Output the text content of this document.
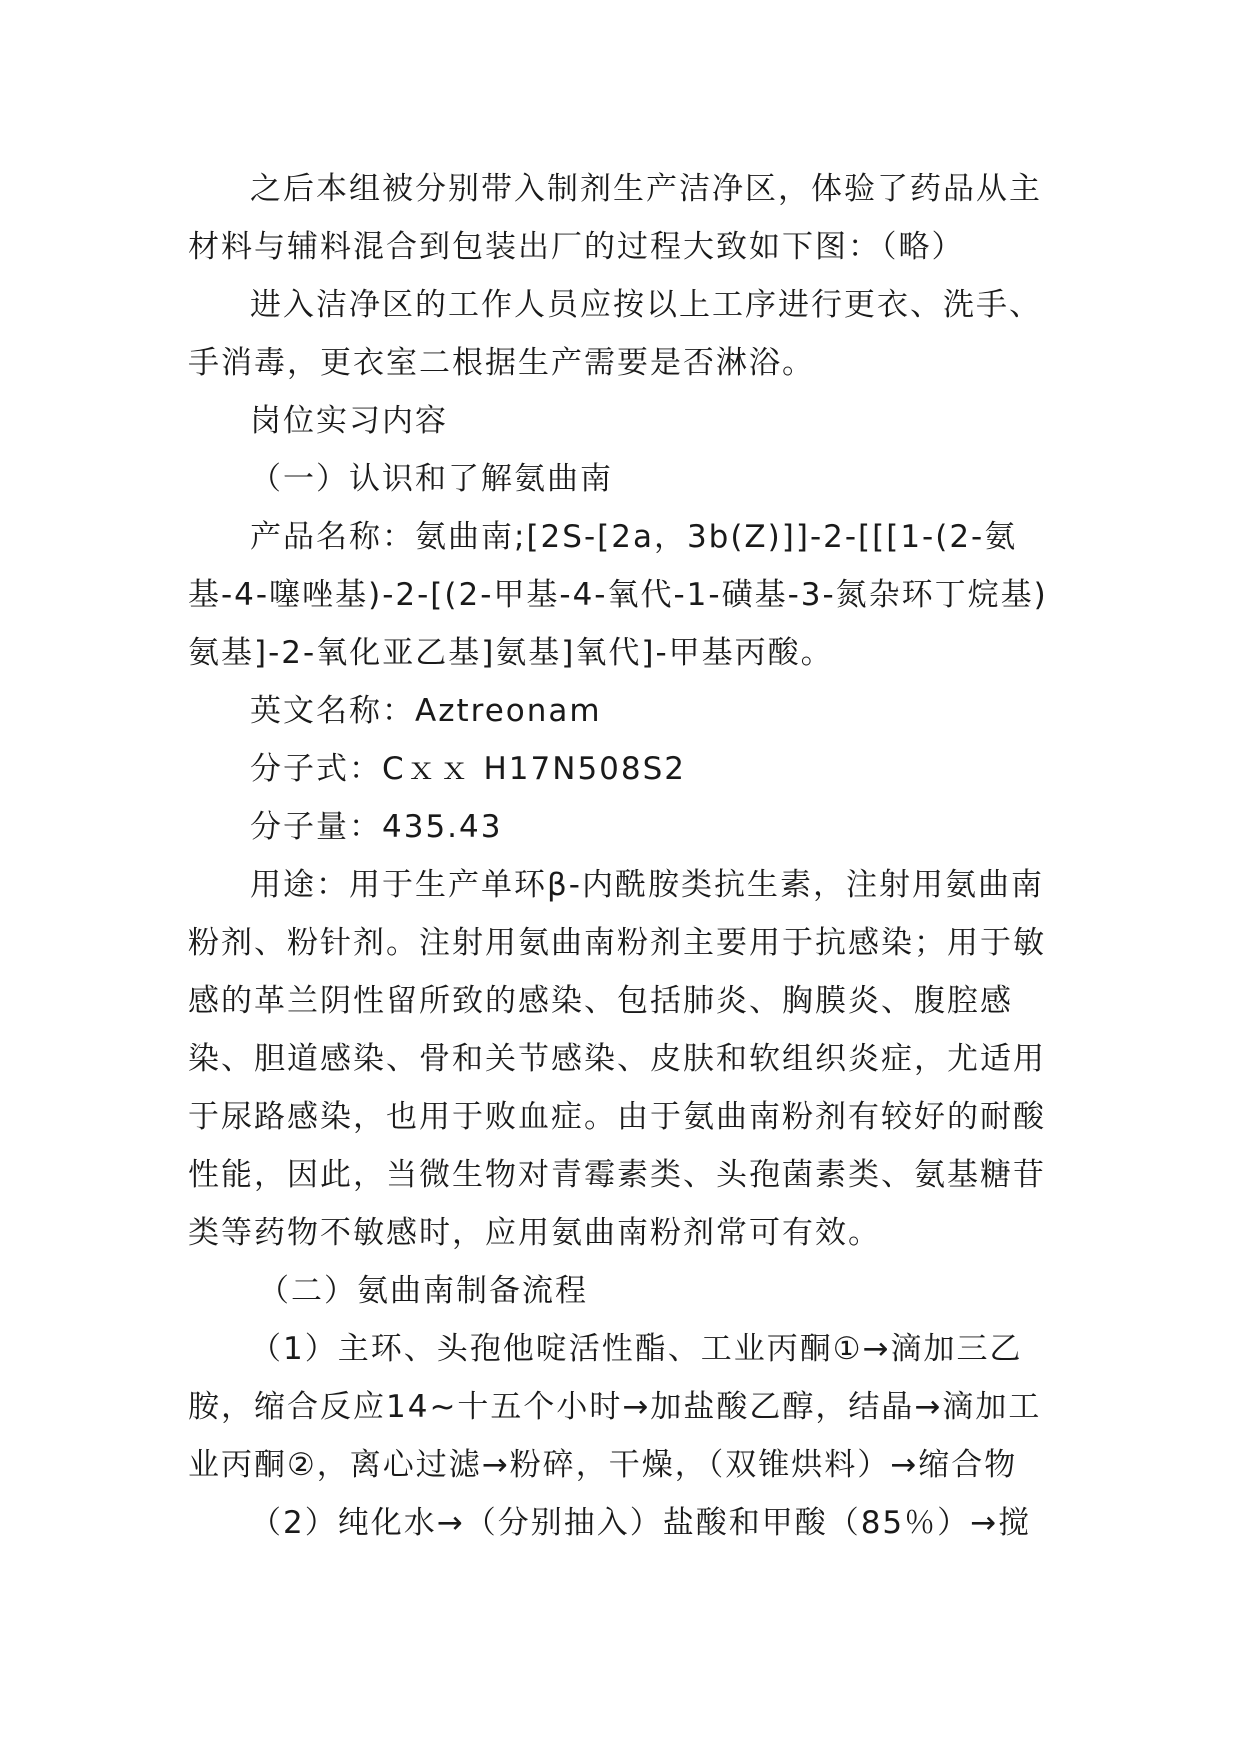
之后本组被分别带入制剂生产洁净区，体验了药品从主材料与辅料混合到包装出厂的过程大致如下图：（略）

进入洁净区的工作人员应按以上工序进行更衣、洗手、手消毒，更衣室二根据生产需要是否淋浴。

岗位实习内容

（一）认识和了解氨曲南

产品名称：氨曲南;[2S-[2a，3b(Z)]]-2-[[[1-(2-氨基-4-噻唑基)-2-[(2-甲基-4-氧代-1-磺基-3-氮杂环丁烷基)氨基]-2-氧化亚乙基]氨基]氧代]-甲基丙酸。

英文名称：Aztreonam

分子式：Cｘｘ H17N508S2

分子量：435.43

用途：用于生产单环β-内酰胺类抗生素，注射用氨曲南粉剂、粉针剂。注射用氨曲南粉剂主要用于抗感染；用于敏感的革兰阴性留所致的感染、包括肺炎、胸膜炎、腹腔感染、胆道感染、骨和关节感染、皮肤和软组织炎症，尤适用于尿路感染，也用于败血症。由于氨曲南粉剂有较好的耐酸性能，因此，当微生物对青霉素类、头孢菌素类、氨基糖苷类等药物不敏感时，应用氨曲南粉剂常可有效。

（二）氨曲南制备流程

（1）主环、头孢他啶活性酯、工业丙酮①→滴加三乙胺，缩合反应14~十五个小时→加盐酸乙醇，结晶→滴加工业丙酮②，离心过滤→粉碎，干燥，（双锥烘料）→缩合物

（2）纯化水→（分别抽入）盐酸和甲酸（85％）→搅
